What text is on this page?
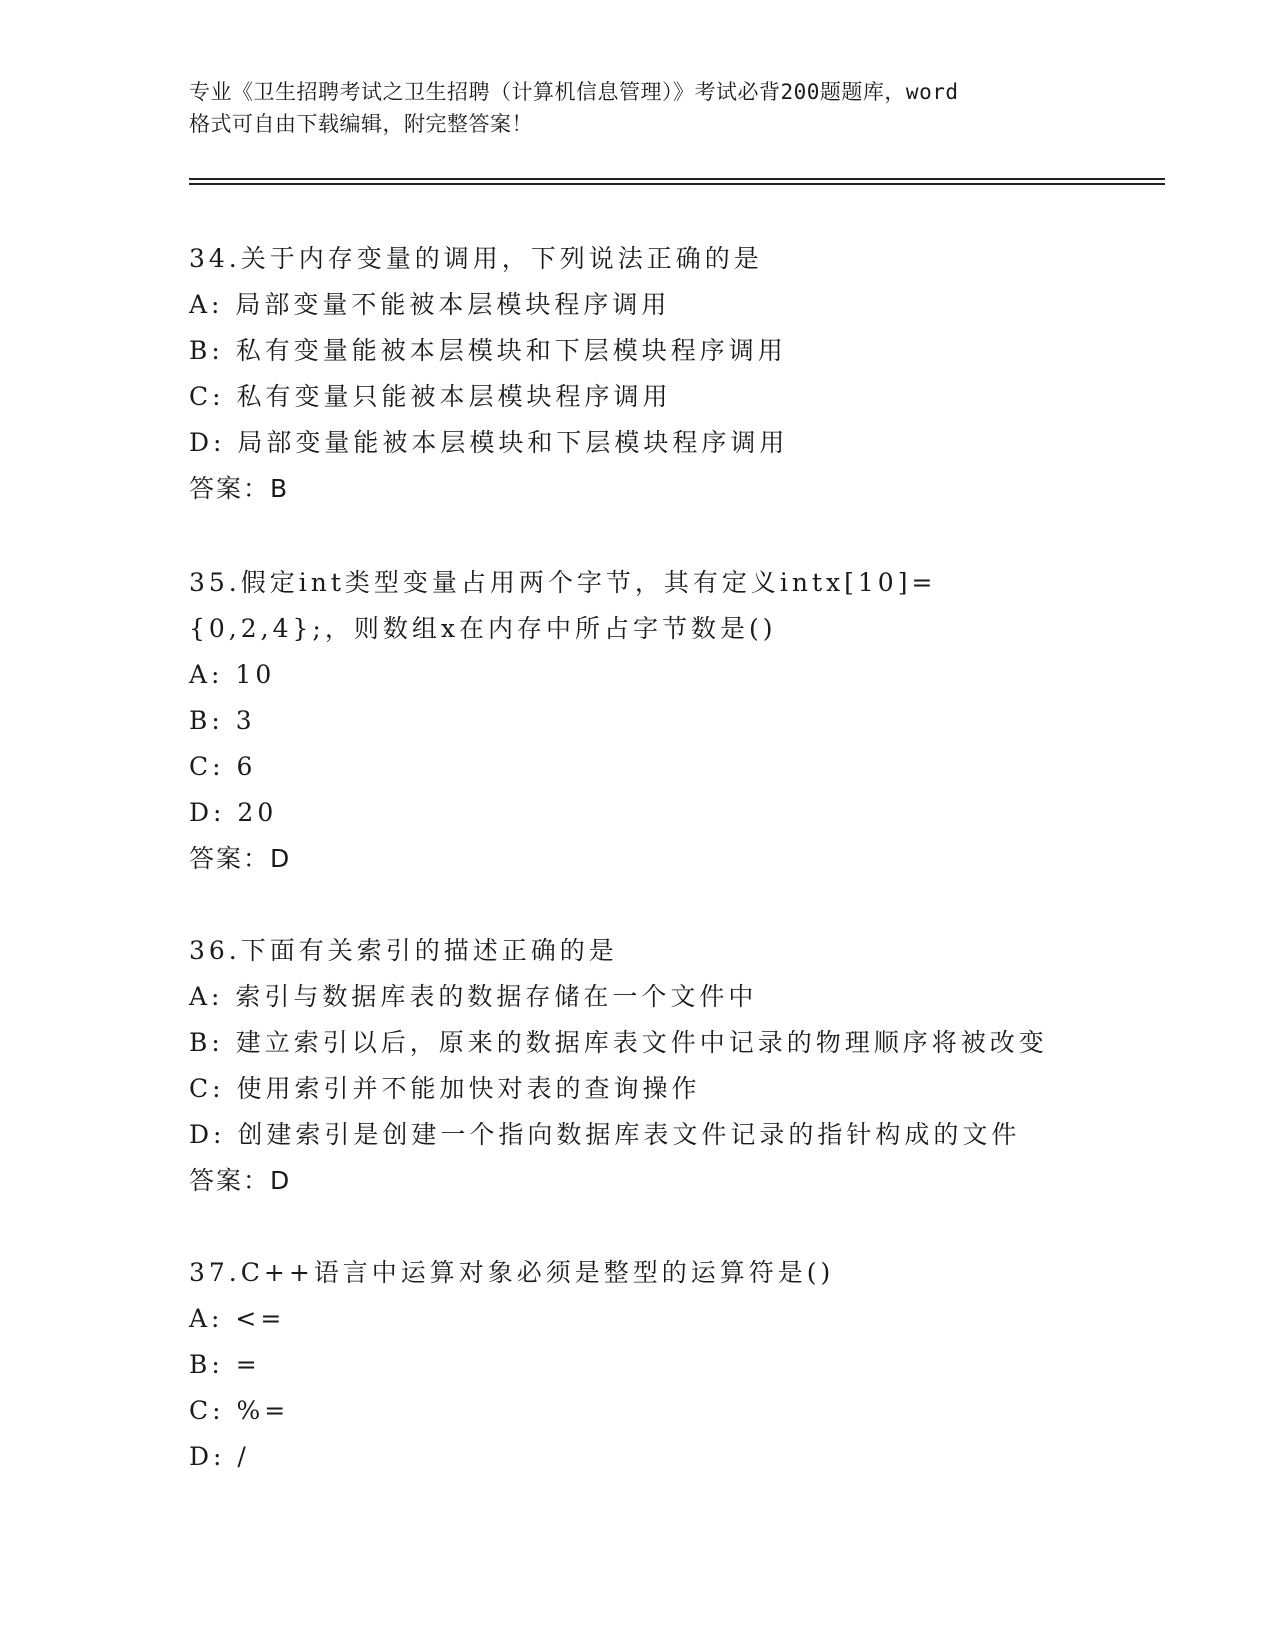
专业《卫生招聘考试之卫生招聘（计算机信息管理）》考试必背200题题库，word
格式可自由下载编辑，附完整答案！
34.关于内存变量的调用，下列说法正确的是
A: 局部变量不能被本层模块程序调用
B: 私有变量能被本层模块和下层模块程序调用
C: 私有变量只能被本层模块程序调用
D: 局部变量能被本层模块和下层模块程序调用
答案：B
35.假定int类型变量占用两个字节，其有定义intx[10]={0,2,4};，则数组x在内存中所占字节数是()
A: 10
B: 3
C: 6
D: 20
答案：D
36.下面有关索引的描述正确的是
A: 索引与数据库表的数据存储在一个文件中
B: 建立索引以后，原来的数据库表文件中记录的物理顺序将被改变
C: 使用索引并不能加快对表的查询操作
D: 创建索引是创建一个指向数据库表文件记录的指针构成的文件
答案：D
37.C++语言中运算对象必须是整型的运算符是()
A: <=
B: =
C: %=
D: /
